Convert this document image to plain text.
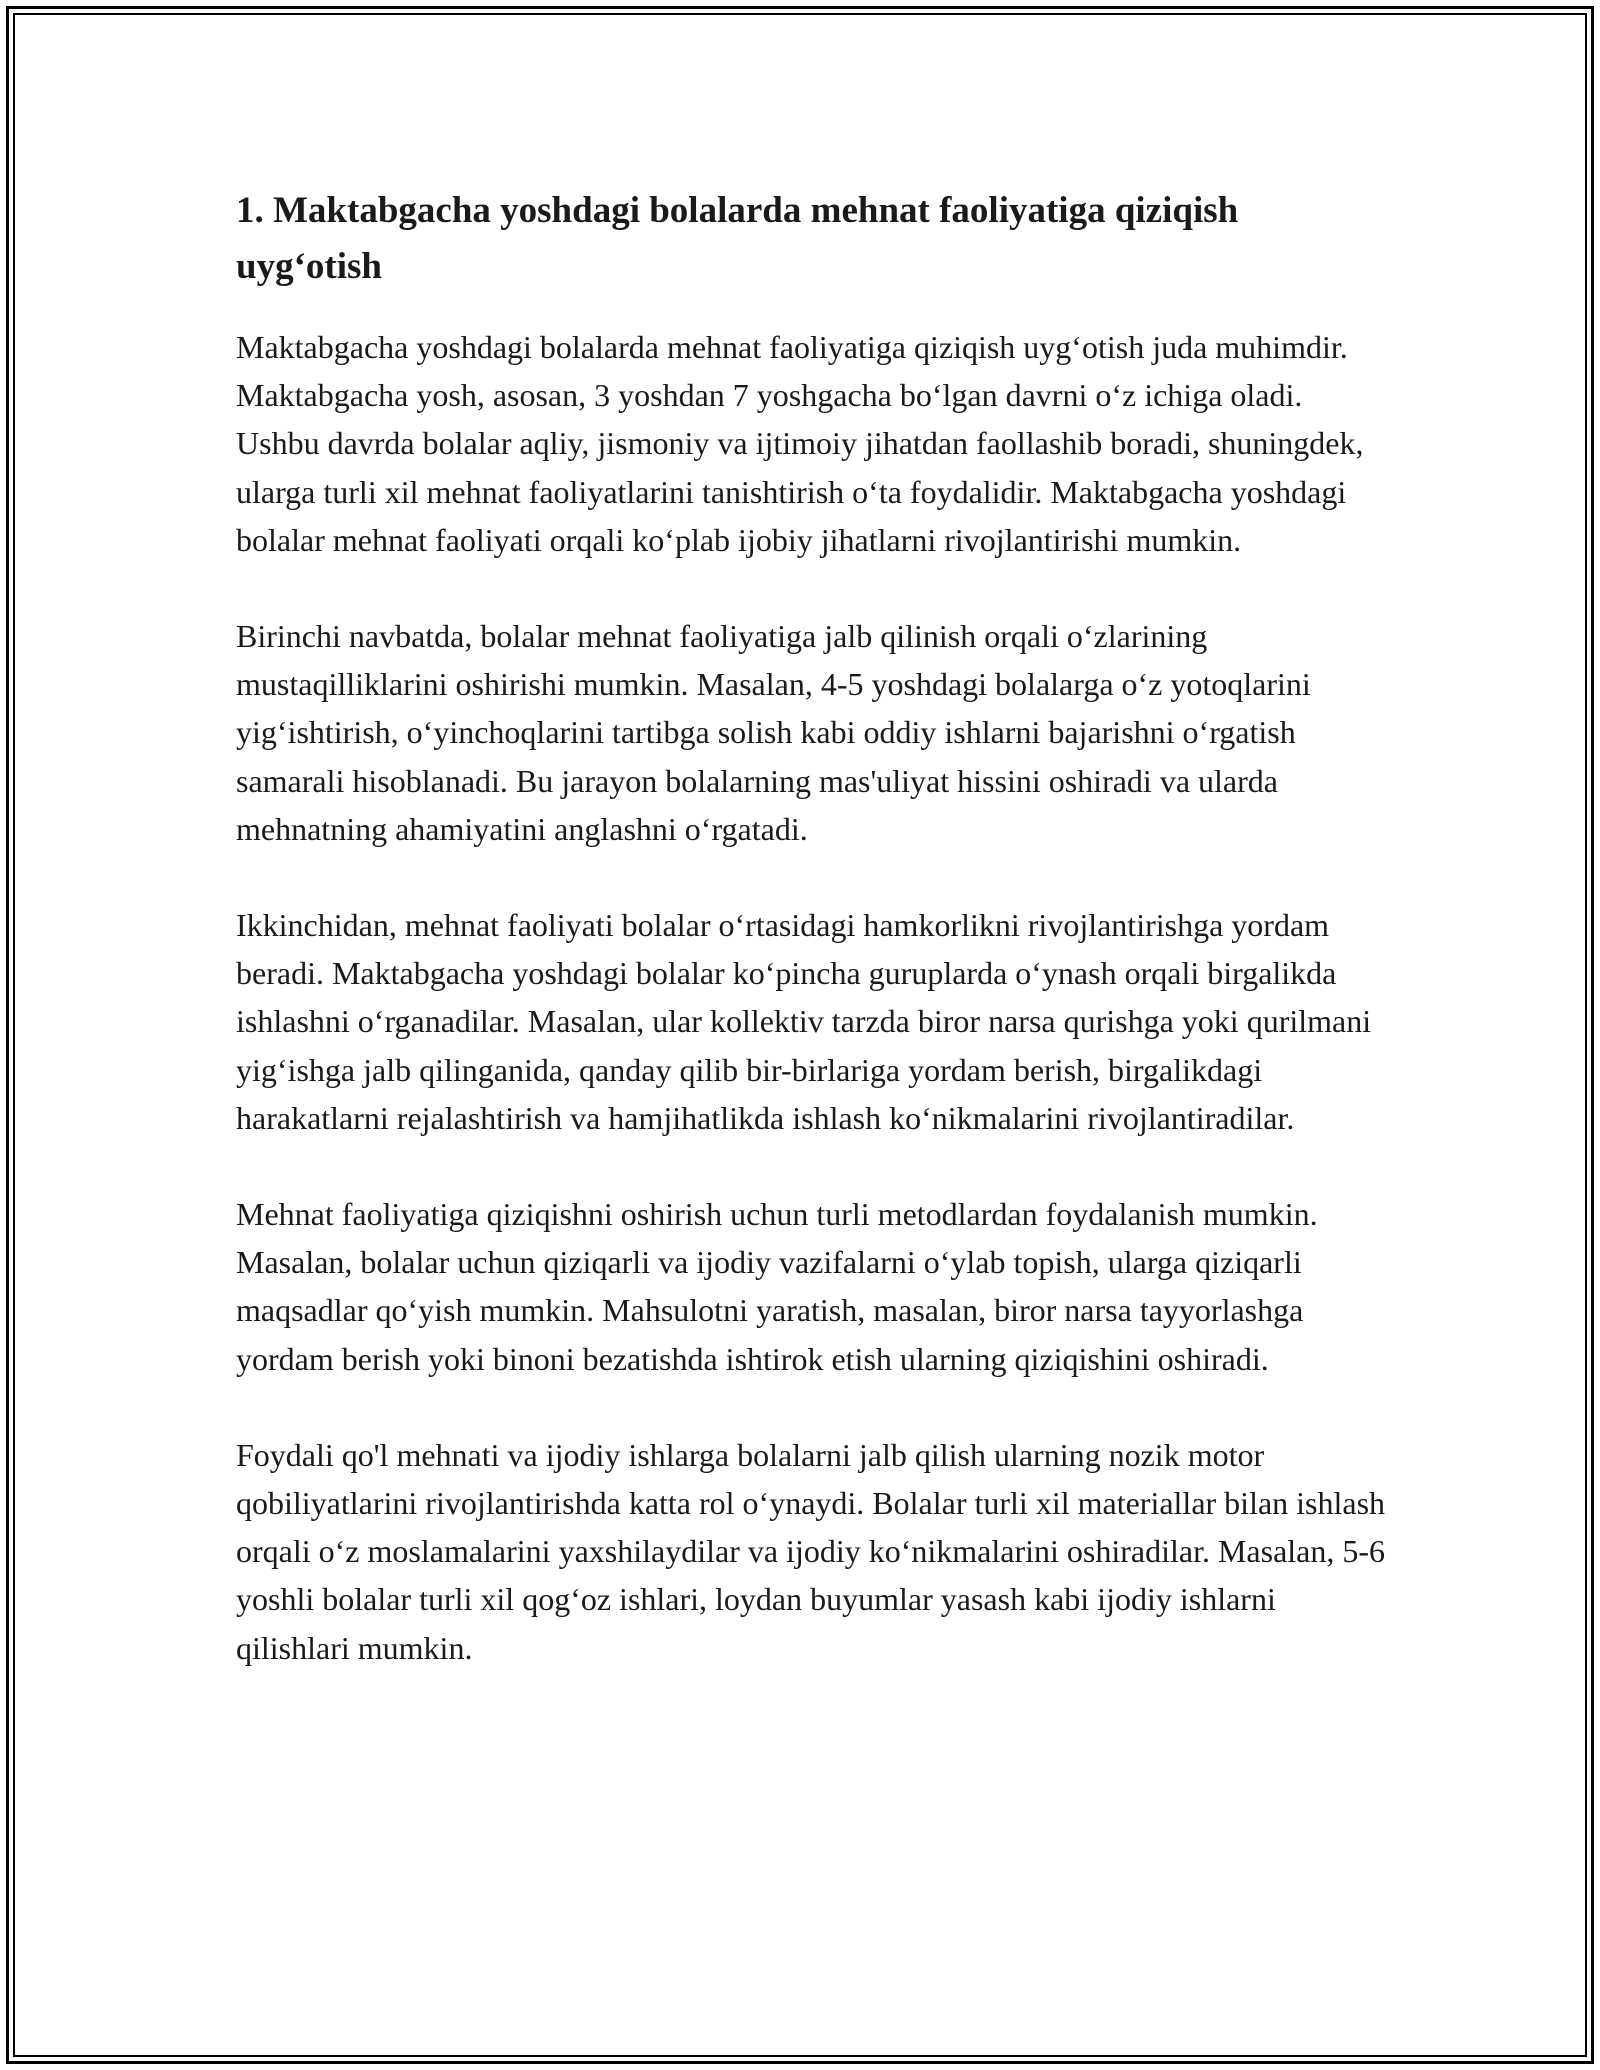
1. Maktabgacha yoshdagi bolalarda mehnat faoliyatiga qiziqish uyg‘otish

Maktabgacha yoshdagi bolalarda mehnat faoliyatiga qiziqish uyg‘otish juda muhimdir. Maktabgacha yosh, asosan, 3 yoshdan 7 yoshgacha bo‘lgan davrni o‘z ichiga oladi. Ushbu davrda bolalar aqliy, jismoniy va ijtimoiy jihatdan faollashib boradi, shuningdek, ularga turli xil mehnat faoliyatlarini tanishtirish o‘ta foydalidir. Maktabgacha yoshdagi bolalar mehnat faoliyati orqali ko‘plab ijobiy jihatlarni rivojlantirishi mumkin.

Birinchi navbatda, bolalar mehnat faoliyatiga jalb qilinish orqali o‘zlarining mustaqilliklarini oshirishi mumkin. Masalan, 4-5 yoshdagi bolalarga o‘z yotoqlarini yig‘ishtirish, o‘yinchoqlarini tartibga solish kabi oddiy ishlarni bajarishni o‘rgatish samarali hisoblanadi. Bu jarayon bolalarning mas'uliyat hissini oshiradi va ularda mehnatning ahamiyatini anglashni o‘rgatadi.

Ikkinchidan, mehnat faoliyati bolalar o‘rtasidagi hamkorlikni rivojlantirishga yordam beradi. Maktabgacha yoshdagi bolalar ko‘pincha guruplarda o‘ynash orqali birgalikda ishlashni o‘rganadilar. Masalan, ular kollektiv tarzda biror narsa qurishga yoki qurilmani yig‘ishga jalb qilinganida, qanday qilib bir-birlariga yordam berish, birgalikdagi harakatlarni rejalashtirish va hamjihatlikda ishlash ko‘nikmalarini rivojlantiradilar.

Mehnat faoliyatiga qiziqishni oshirish uchun turli metodlardan foydalanish mumkin. Masalan, bolalar uchun qiziqarli va ijodiy vazifalarni o‘ylab topish, ularga qiziqarli maqsadlar qo‘yish mumkin. Mahsulotni yaratish, masalan, biror narsa tayyorlashga yordam berish yoki binoni bezatishda ishtirok etish ularning qiziqishini oshiradi.

Foydali qo'l mehnati va ijodiy ishlarga bolalarni jalb qilish ularning nozik motor qobiliyatlarini rivojlantirishda katta rol o‘ynaydi. Bolalar turli xil materiallar bilan ishlash orqali o‘z moslamalarini yaxshilaydilar va ijodiy ko‘nikmalarini oshiradilar. Masalan, 5-6 yoshli bolalar turli xil qog‘oz ishlari, loydan buyumlar yasash kabi ijodiy ishlarni qilishlari mumkin.
